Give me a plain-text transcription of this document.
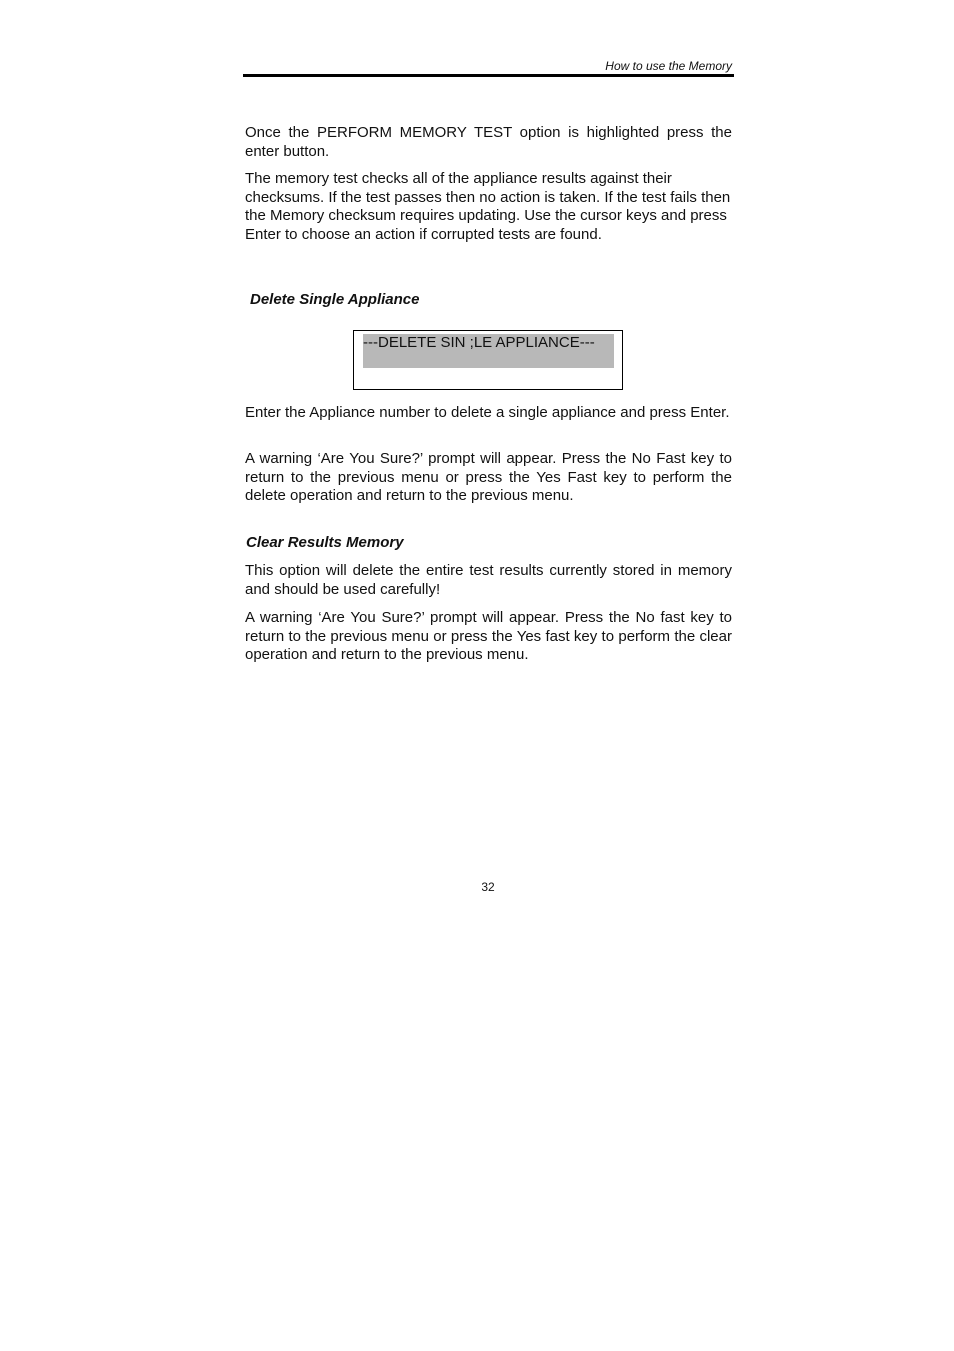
How to use the Memory

Once the PERFORM MEMORY TEST option is highlighted press the enter button.

The memory test checks all of the appliance results against their checksums. If the test passes then no action is taken. If the test fails then the Memory checksum requires updating. Use the cursor keys and press Enter to choose an action if corrupted tests are found.

Delete Single Appliance
---DELETE SIN ;LE APPLIANCE---

Enter the Appliance number to delete a single appliance and press Enter.

A warning ‘Are You Sure?’ prompt will appear. Press the No Fast key to return to the previous menu or press the Yes Fast key to perform the delete operation and return to the previous menu.

Clear Results Memory

This option will delete the entire test results currently stored in memory and should be used carefully!

A warning ‘Are You Sure?’ prompt will appear. Press the No fast key to return to the previous menu or press the Yes fast key to perform the clear operation and return to the previous menu.

32
